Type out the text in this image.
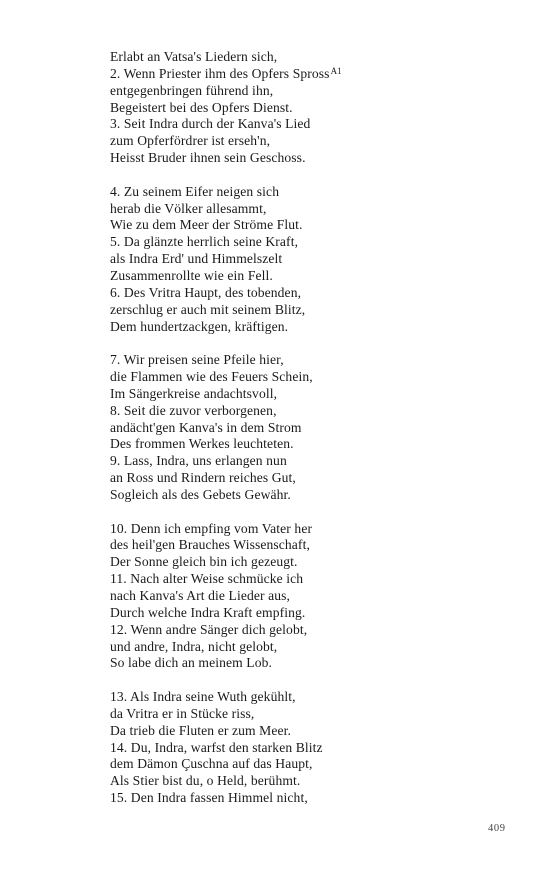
Erlabt an Vatsa's Liedern sich,
2. Wenn Priester ihm des Opfers Spross$^{A1}$
entgegenbringen führend ihn,
Begeistert bei des Opfers Dienst.
3. Seit Indra durch der Kanva's Lied
zum Opferfördrer ist erseh'n,
Heisst Bruder ihnen sein Geschoss.
4. Zu seinem Eifer neigen sich
herab die Völker allesammt,
Wie zu dem Meer der Ströme Flut.
5. Da glänzte herrlich seine Kraft,
als Indra Erd' und Himmelszelt
Zusammenrollte wie ein Fell.
6. Des Vritra Haupt, des tobenden,
zerschlug er auch mit seinem Blitz,
Dem hundertzackgen, kräftigen.
7. Wir preisen seine Pfeile hier,
die Flammen wie des Feuers Schein,
Im Sängerkreise andachtsvoll,
8. Seit die zuvor verborgenen,
andächt'gen Kanva's in dem Strom
Des frommen Werkes leuchteten.
9. Lass, Indra, uns erlangen nun
an Ross und Rindern reiches Gut,
Sogleich als des Gebets Gewähr.
10. Denn ich empfing vom Vater her
des heil'gen Brauches Wissenschaft,
Der Sonne gleich bin ich gezeugt.
11. Nach alter Weise schmücke ich
nach Kanva's Art die Lieder aus,
Durch welche Indra Kraft empfing.
12. Wenn andre Sänger dich gelobt,
und andre, Indra, nicht gelobt,
So labe dich an meinem Lob.
13. Als Indra seine Wuth gekühlt,
da Vritra er in Stücke riss,
Da trieb die Fluten er zum Meer.
14. Du, Indra, warfst den starken Blitz
dem Dämon Çuschna auf das Haupt,
Als Stier bist du, o Held, berühmt.
15. Den Indra fassen Himmel nicht,
409
